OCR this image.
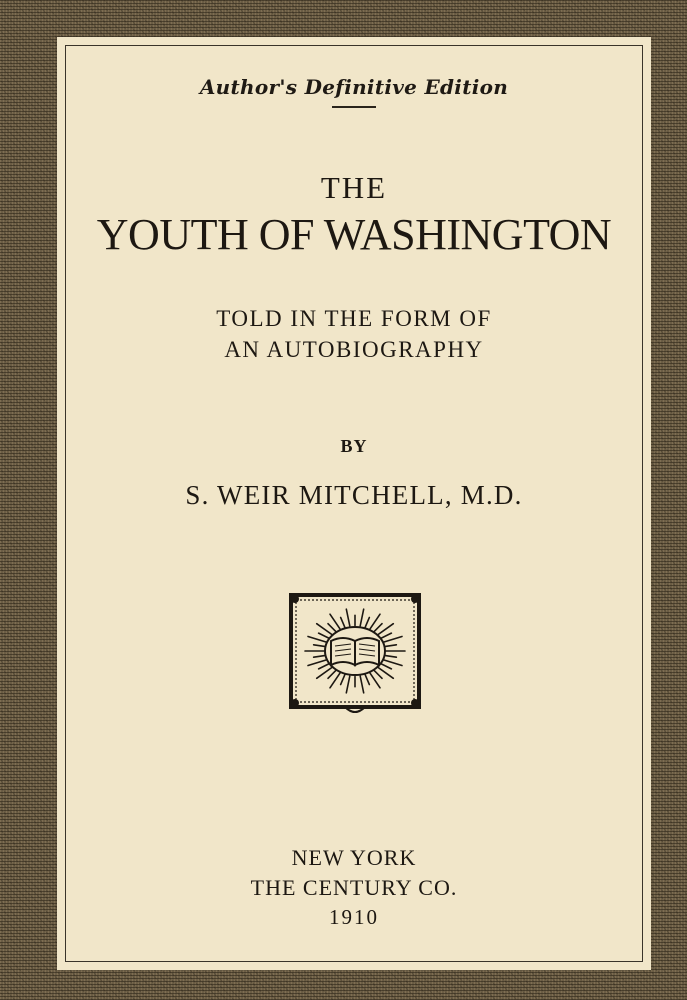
Author's Definitive Edition
THE
YOUTH OF WASHINGTON
TOLD IN THE FORM OF
AN AUTOBIOGRAPHY
BY
S. WEIR MITCHELL, M.D.
NEW YORK
THE CENTURY CO.
1910
